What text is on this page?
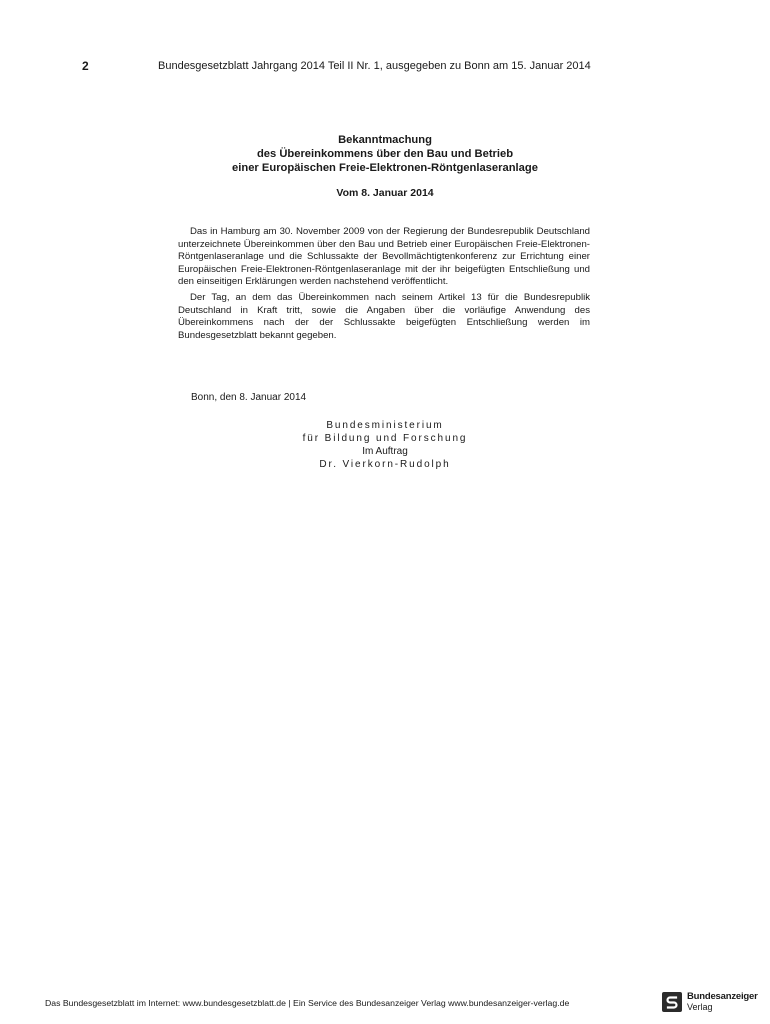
2	Bundesgesetzblatt Jahrgang 2014 Teil II Nr. 1, ausgegeben zu Bonn am 15. Januar 2014
Bekanntmachung
des Übereinkommens über den Bau und Betrieb
einer Europäischen Freie-Elektronen-Röntgenlaseranlage
Vom 8. Januar 2014

Das in Hamburg am 30. November 2009 von der Regierung der Bundesrepublik Deutschland unterzeichnete Übereinkommen über den Bau und Betrieb einer Europäischen Freie-Elektronen-Röntgenlaseranlage und die Schlussakte der Bevollmächtigtenkonferenz zur Errichtung einer Europäischen Freie-Elektronen-Röntgenlaseranlage mit der ihr beigefügten Entschließung und den einseitigen Erklärungen werden nachstehend veröffentlicht.

Der Tag, an dem das Übereinkommen nach seinem Artikel 13 für die Bundesrepublik Deutschland in Kraft tritt, sowie die Angaben über die vorläufige Anwendung des Übereinkommens nach der der Schlussakte beigefügten Entschließung werden im Bundesgesetzblatt bekannt gegeben.

Bonn, den 8. Januar 2014
Bundesministerium
für Bildung und Forschung
Im Auftrag
Dr. Vierkorn-Rudolph
Das Bundesgesetzblatt im Internet: www.bundesgesetzblatt.de | Ein Service des Bundesanzeiger Verlag www.bundesanzeiger-verlag.de
Bundesanzeiger
Verlag
